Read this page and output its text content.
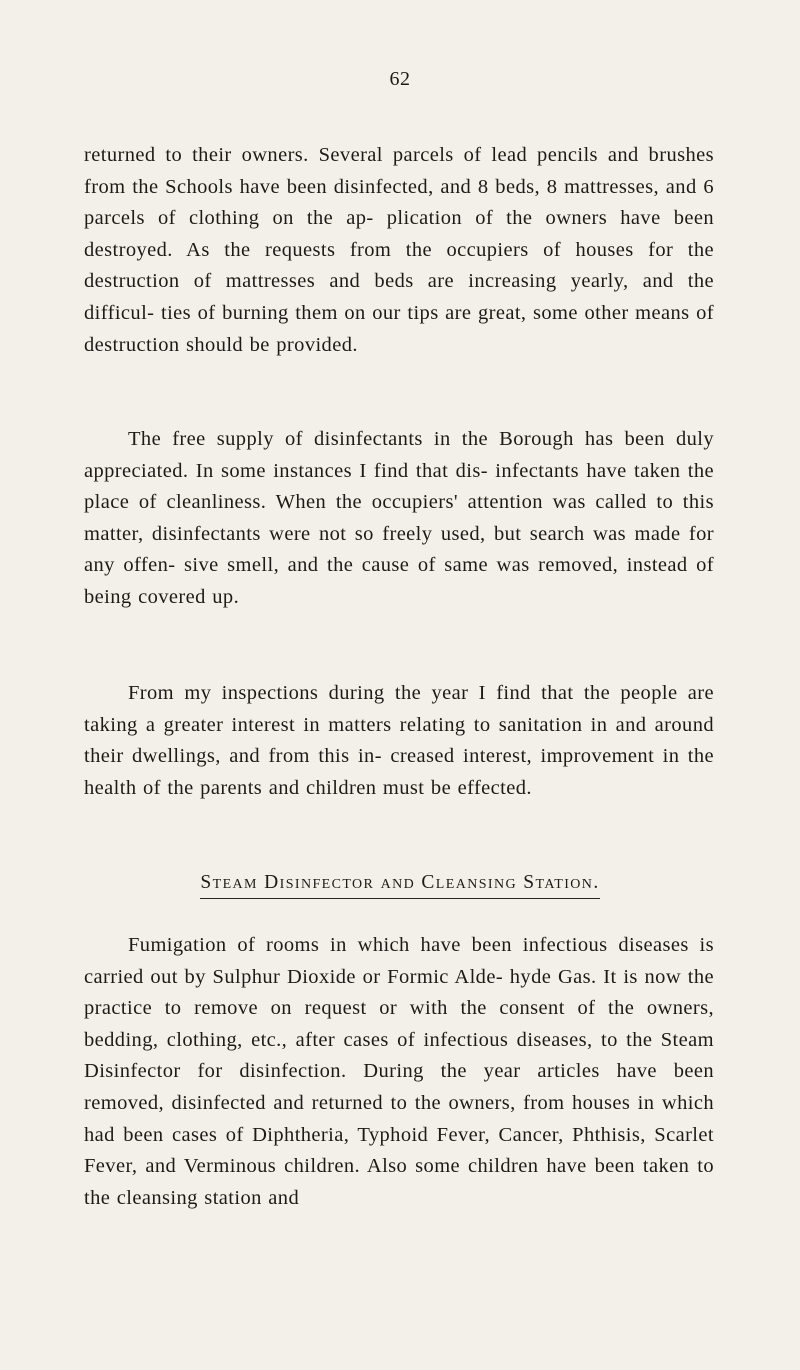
62

returned to their owners. Several parcels of lead pencils and brushes from the Schools have been disinfected, and 8 beds, 8 mattresses, and 6 parcels of clothing on the ap- plication of the owners have been destroyed. As the requests from the occupiers of houses for the destruction of mattresses and beds are increasing yearly, and the difficul- ties of burning them on our tips are great, some other means of destruction should be provided.

The free supply of disinfectants in the Borough has been duly appreciated. In some instances I find that dis- infectants have taken the place of cleanliness. When the occupiers' attention was called to this matter, disinfectants were not so freely used, but search was made for any offen- sive smell, and the cause of same was removed, instead of being covered up.

From my inspections during the year I find that the people are taking a greater interest in matters relating to sanitation in and around their dwellings, and from this in- creased interest, improvement in the health of the parents and children must be effected.

Steam Disinfector and Cleansing Station.

Fumigation of rooms in which have been infectious diseases is carried out by Sulphur Dioxide or Formic Alde- hyde Gas. It is now the practice to remove on request or with the consent of the owners, bedding, clothing, etc., after cases of infectious diseases, to the Steam Disinfector for disinfection. During the year articles have been removed, disinfected and returned to the owners, from houses in which had been cases of Diphtheria, Typhoid Fever, Cancer, Phthisis, Scarlet Fever, and Verminous children. Also some children have been taken to the cleansing station and
